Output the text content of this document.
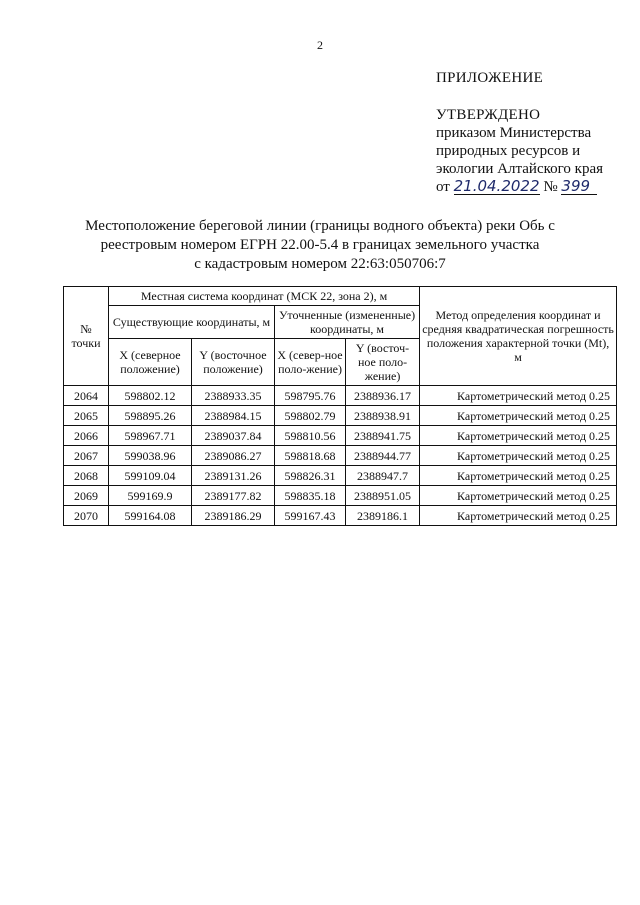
2
ПРИЛОЖЕНИЕ
УТВЕРЖДЕНО
приказом Министерства
природных ресурсов и
экологии Алтайского края
от 21.04.2022 № 399
Местоположение береговой линии (границы водного объекта) реки Обь с
реестровым номером ЕГРН 22.00-5.4 в границах земельного участка
с кадастровым номером 22:63:050706:7
№ точки	Местная система координат (МСК 22, зона 2), м				Метод определения координат и средняя квадратическая погрешность положения характерной точки (Mt), м
	Существующие координаты, м		Уточненные (измененные) координаты, м		
	X (северное положение)	Y (восточное положение)	X (север-ное поло-жение)	Y (восточ-ное поло-жение)	
2064	598802.12	2388933.35	598795.76	2388936.17	Картометрический метод 0.25
2065	598895.26	2388984.15	598802.79	2388938.91	Картометрический метод 0.25
2066	598967.71	2389037.84	598810.56	2388941.75	Картометрический метод 0.25
2067	599038.96	2389086.27	598818.68	2388944.77	Картометрический метод 0.25
2068	599109.04	2389131.26	598826.31	2388947.7	Картометрический метод 0.25
2069	599169.9	2389177.82	598835.18	2388951.05	Картометрический метод 0.25
2070	599164.08	2389186.29	599167.43	2389186.1	Картометрический метод 0.25
